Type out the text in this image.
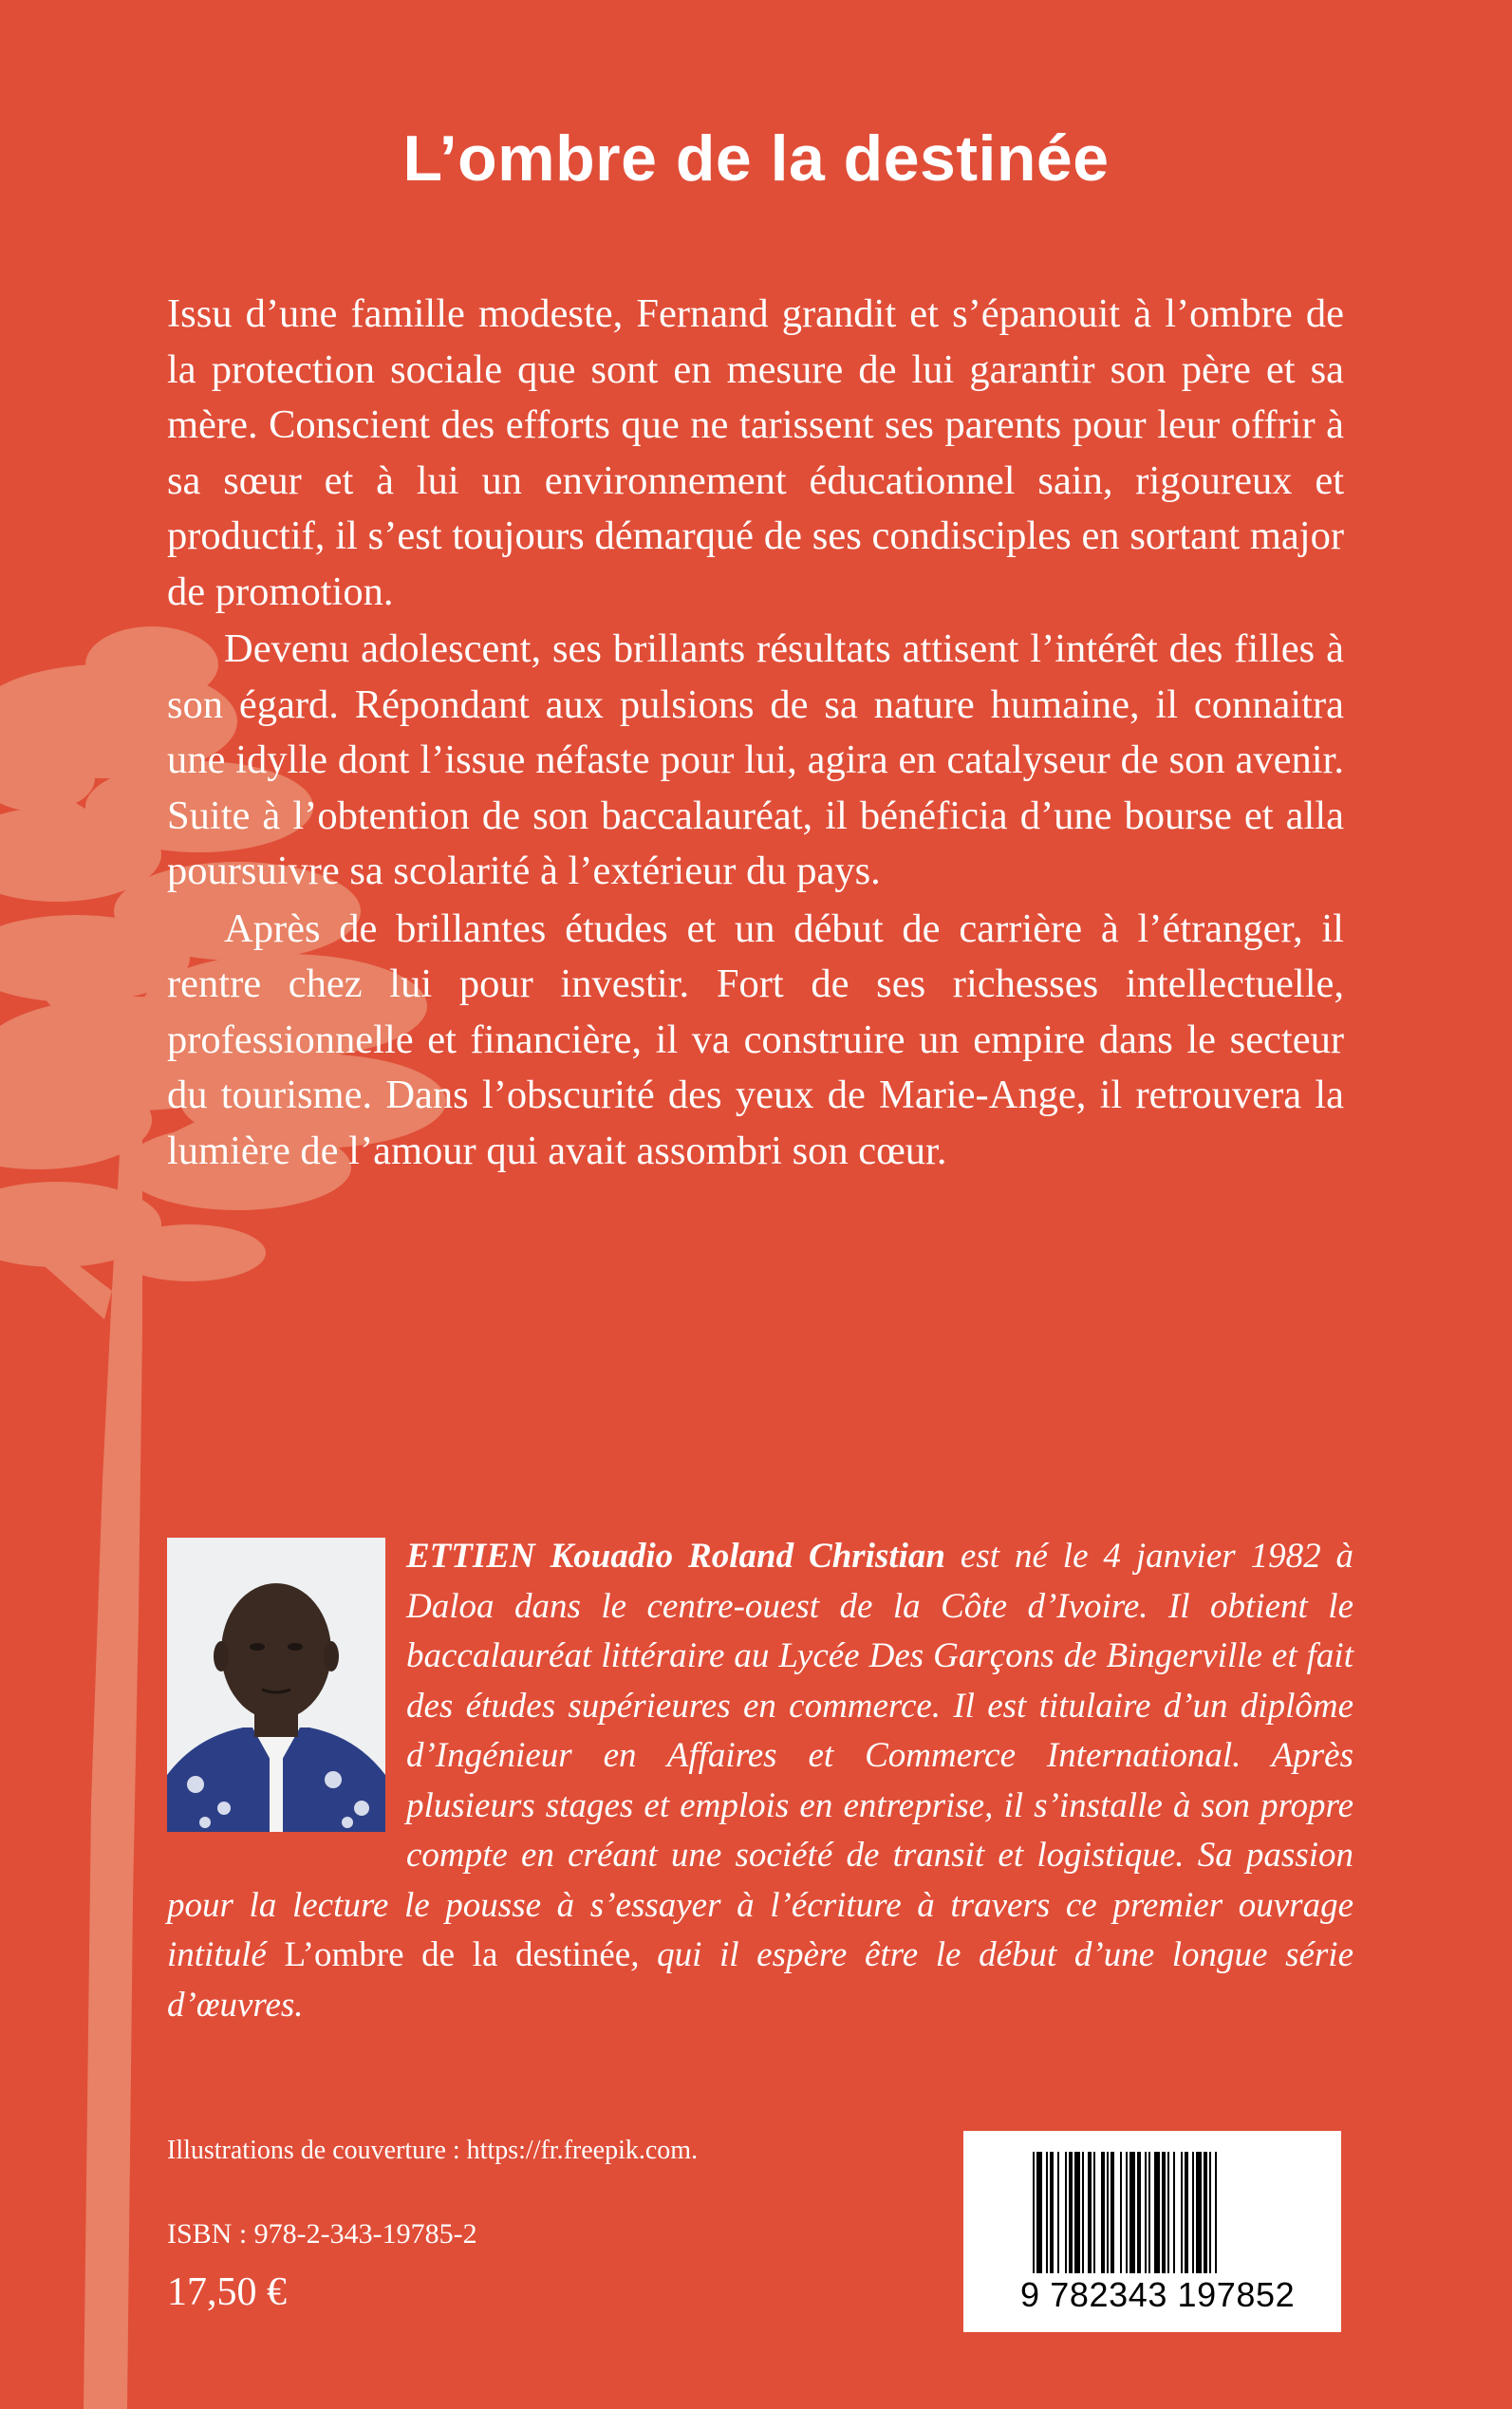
L’ombre de la destinée

Issu d’une famille modeste, Fernand grandit et s’épanouit à l’ombre de la protection sociale que sont en mesure de lui garantir son père et sa mère. Conscient des efforts que ne tarissent ses parents pour leur offrir à sa sœur et à lui un environnement éducationnel sain, rigoureux et productif, il s’est toujours démarqué de ses condisciples en sortant major de promotion.

Devenu adolescent, ses brillants résultats attisent l’intérêt des filles à son égard. Répondant aux pulsions de sa nature humaine, il connaitra une idylle dont l’issue néfaste pour lui, agira en catalyseur de son avenir. Suite à l’obtention de son baccalauréat, il bénéficia d’une bourse et alla poursuivre sa scolarité à l’extérieur du pays.

Après de brillantes études et un début de carrière à l’étranger, il rentre chez lui pour investir. Fort de ses richesses intellectuelle, professionnelle et financière, il va construire un empire dans le secteur du tourisme. Dans l’obscurité des yeux de Marie-Ange, il retrouvera la lumière de l’amour qui avait assombri son cœur.

ETTIEN Kouadio Roland Christian est né le 4 janvier 1982 à Daloa dans le centre-ouest de la Côte d’Ivoire. Il obtient le baccalauréat littéraire au Lycée Des Garçons de Bingerville et fait des études supérieures en commerce. Il est titulaire d’un diplôme d’Ingénieur en Affaires et Commerce International. Après plusieurs stages et emplois en entreprise, il s’installe à son propre compte en créant une société de transit et logistique. Sa passion pour la lecture le pousse à s’essayer à l’écriture à travers ce premier ouvrage intitulé L’ombre de la destinée, qui il espère être le début d’une longue série d’œuvres.
Illustrations de couverture : https://fr.freepik.com.
ISBN : 978-2-343-19785-2
17,50 €	9 782343 197852
